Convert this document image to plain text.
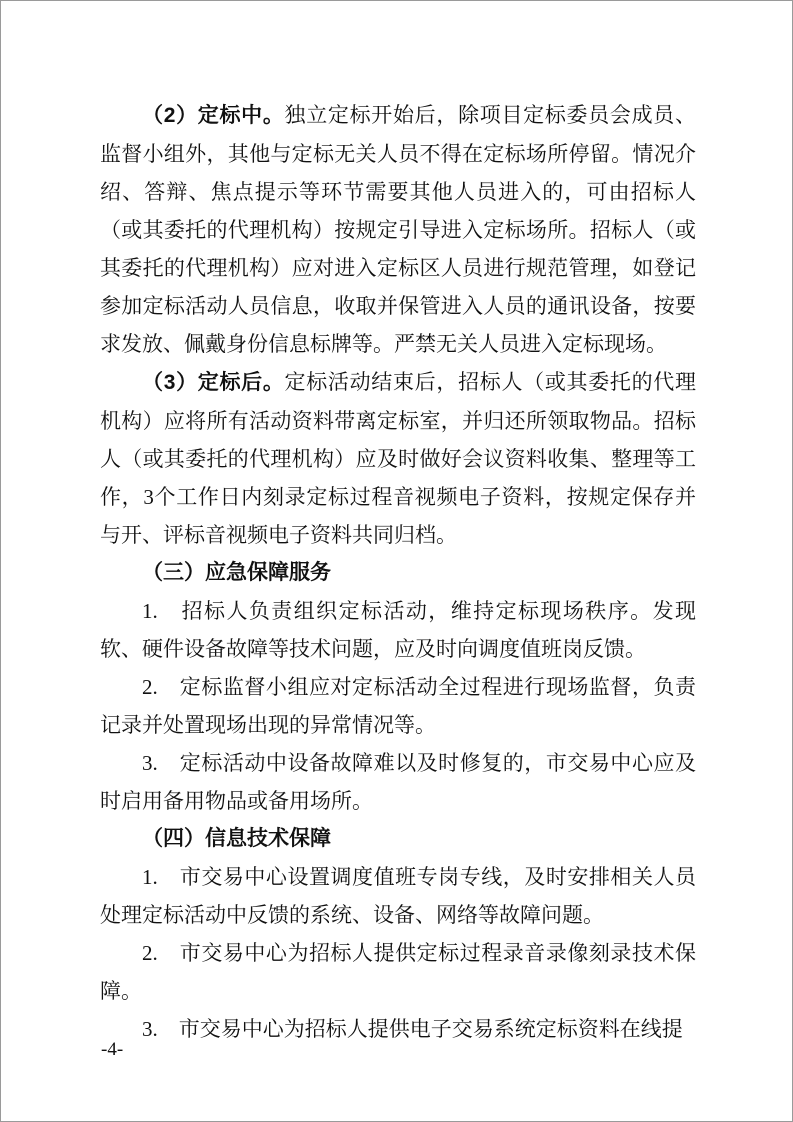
（2）定标中。独立定标开始后，除项目定标委员会成员、监督小组外，其他与定标无关人员不得在定标场所停留。情况介绍、答辩、焦点提示等环节需要其他人员进入的，可由招标人（或其委托的代理机构）按规定引导进入定标场所。招标人（或其委托的代理机构）应对进入定标区人员进行规范管理，如登记参加定标活动人员信息，收取并保管进入人员的通讯设备，按要求发放、佩戴身份信息标牌等。严禁无关人员进入定标现场。

（3）定标后。定标活动结束后，招标人（或其委托的代理机构）应将所有活动资料带离定标室，并归还所领取物品。招标人（或其委托的代理机构）应及时做好会议资料收集、整理等工作，3个工作日内刻录定标过程音视频电子资料，按规定保存并与开、评标音视频电子资料共同归档。

（三）应急保障服务

1.　招标人负责组织定标活动，维持定标现场秩序。发现软、硬件设备故障等技术问题，应及时向调度值班岗反馈。

2.　定标监督小组应对定标活动全过程进行现场监督，负责记录并处置现场出现的异常情况等。

3.　定标活动中设备故障难以及时修复的，市交易中心应及时启用备用物品或备用场所。

（四）信息技术保障

1.　市交易中心设置调度值班专岗专线，及时安排相关人员处理定标活动中反馈的系统、设备、网络等故障问题。

2.　市交易中心为招标人提供定标过程录音录像刻录技术保障。

3.　市交易中心为招标人提供电子交易系统定标资料在线提

-4-
